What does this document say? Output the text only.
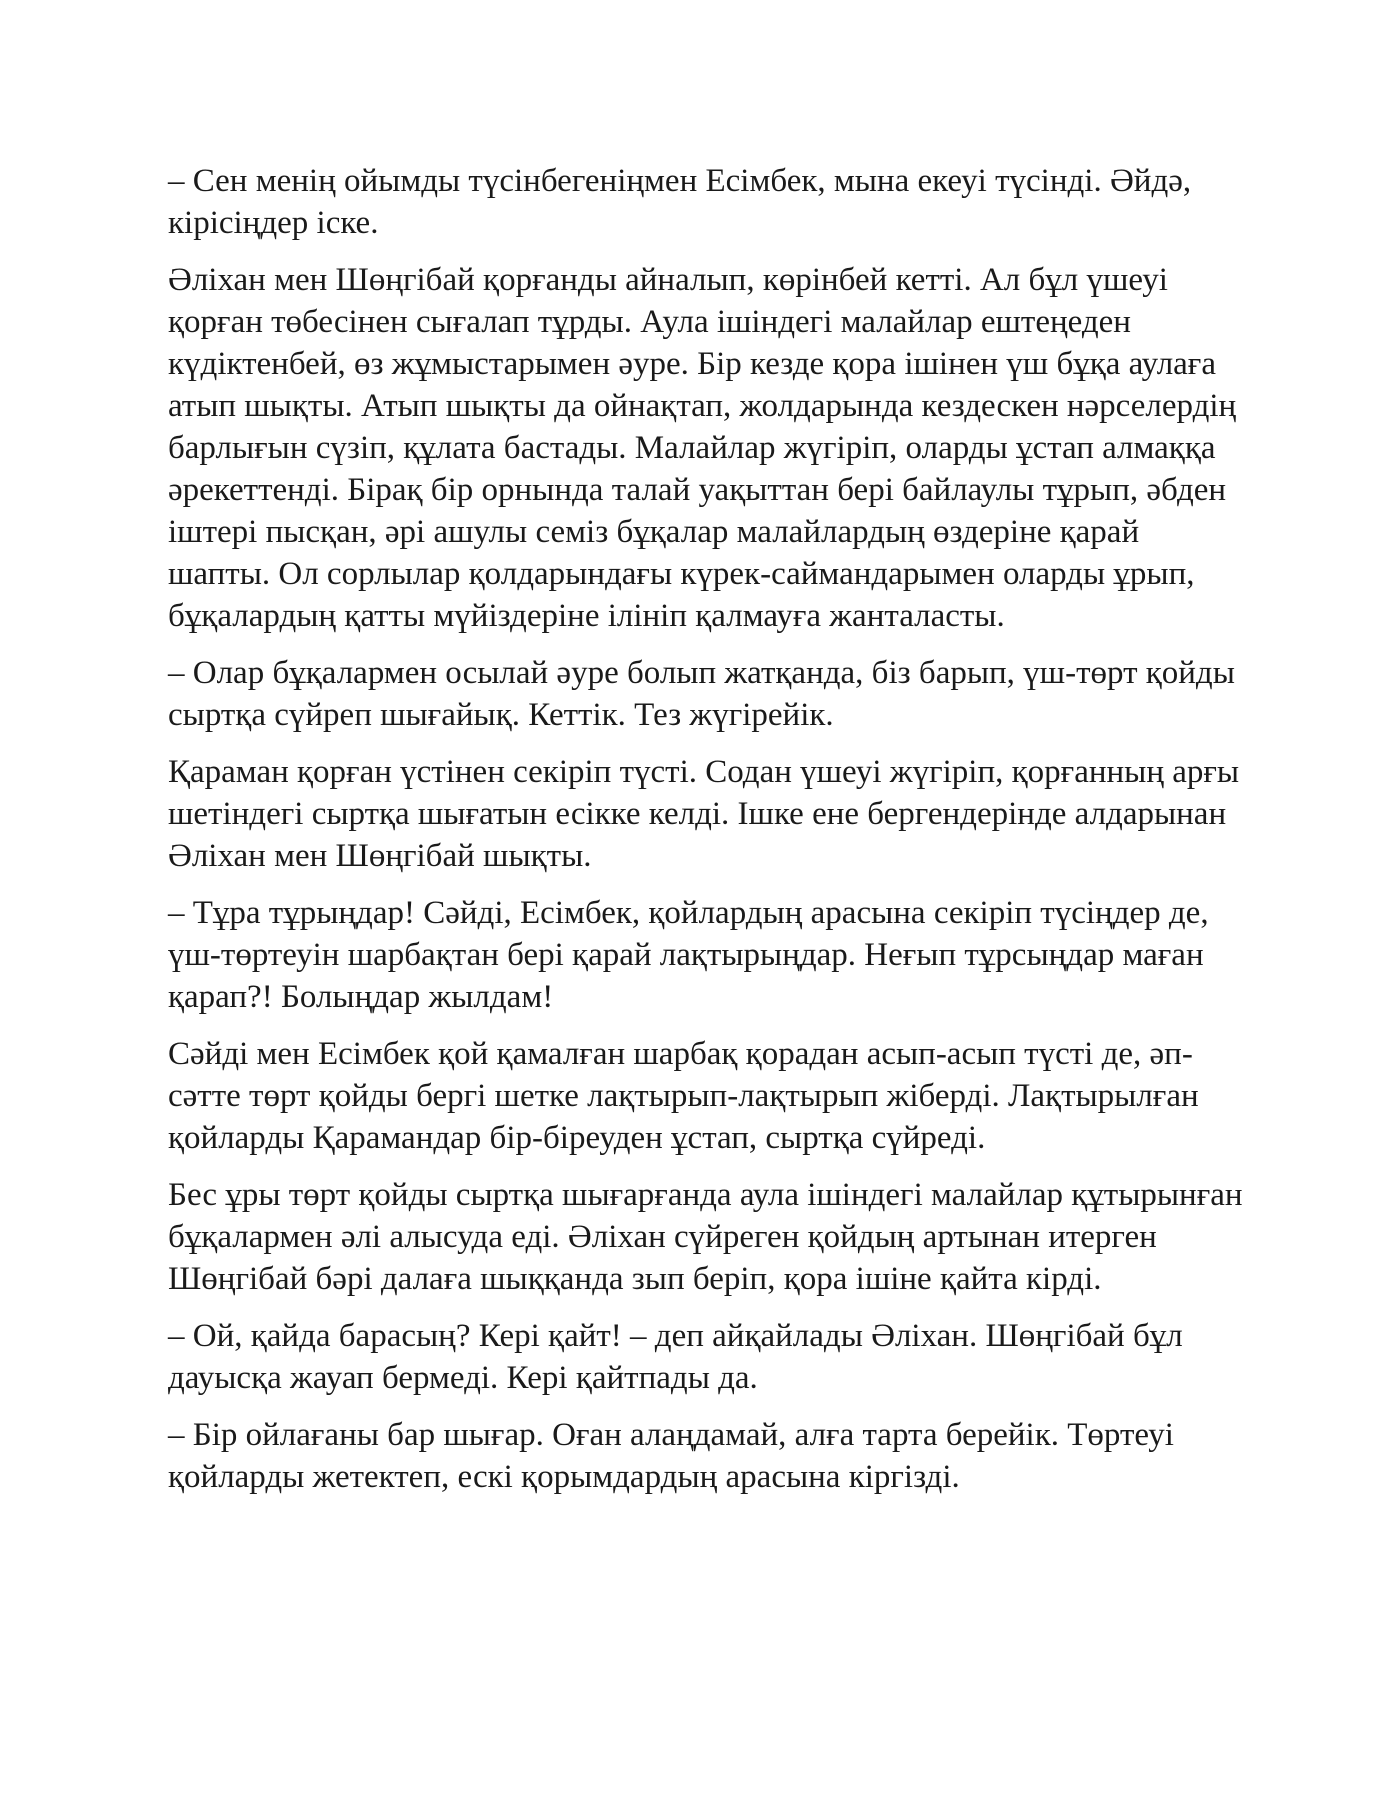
– Сен менің ойымды түсінбегеніңмен Есімбек, мына екеуі түсінді. Әйдә, кірісіңдер іске.

Әліхан мен Шөңгібай қорғанды айналып, көрінбей кетті. Ал бұл үшеуі қорған төбесінен сығалап тұрды. Аула ішіндегі малайлар ештеңеден күдіктенбей, өз жұмыстарымен әуре. Бір кезде қора ішінен үш бұқа аулаға атып шықты. Атып шықты да ойнақтап, жолдарында кездескен нәрселердің барлығын сүзіп, құлата бастады. Малайлар жүгіріп, оларды ұстап алмаққа әрекеттенді. Бірақ бір орнында талай уақыттан бері байлаулы тұрып, әбден іштері пысқан, әрі ашулы семіз бұқалар малайлардың өздеріне қарай шапты. Ол сорлылар қолдарындағы күрек-саймандарымен оларды ұрып, бұқалардың қатты мүйіздеріне ілініп қалмауға жанталасты.

– Олар бұқалармен осылай әуре болып жатқанда, біз барып, үш-төрт қойды сыртқа сүйреп шығайық. Кеттік. Тез жүгірейік.

Қараман қорған үстінен секіріп түсті. Содан үшеуі жүгіріп, қорғанның арғы шетіндегі сыртқа шығатын есікке келді. Ішке ене бергендерінде алдарынан Әліхан мен Шөңгібай шықты.

– Тұра тұрыңдар! Сәйді, Есімбек, қойлардың арасына секіріп түсіңдер де, үш-төртеуін шарбақтан бері қарай лақтырыңдар. Неғып тұрсыңдар маған қарап?! Болыңдар жылдам!

Сәйді мен Есімбек қой қамалған шарбақ қорадан асып-асып түсті де, әп-сәтте төрт қойды бергі шетке лақтырып-лақтырып жіберді. Лақтырылған қойларды Қарамандар бір-біреуден ұстап, сыртқа сүйреді.

Бес ұры төрт қойды сыртқа шығарғанда аула ішіндегі малайлар құтырынған бұқалармен әлі алысуда еді. Әліхан сүйреген қойдың артынан итерген Шөңгібай бәрі далаға шыққанда зып беріп, қора ішіне қайта кірді.

– Ой, қайда барасың? Кері қайт! – деп айқайлады Әліхан. Шөңгібай бұл дауысқа жауап бермеді. Кері қайтпады да.

– Бір ойлағаны бар шығар. Оған алаңдамай, алға тарта берейік. Төртеуі қойларды жетектеп, ескі қорымдардың арасына кіргізді.
